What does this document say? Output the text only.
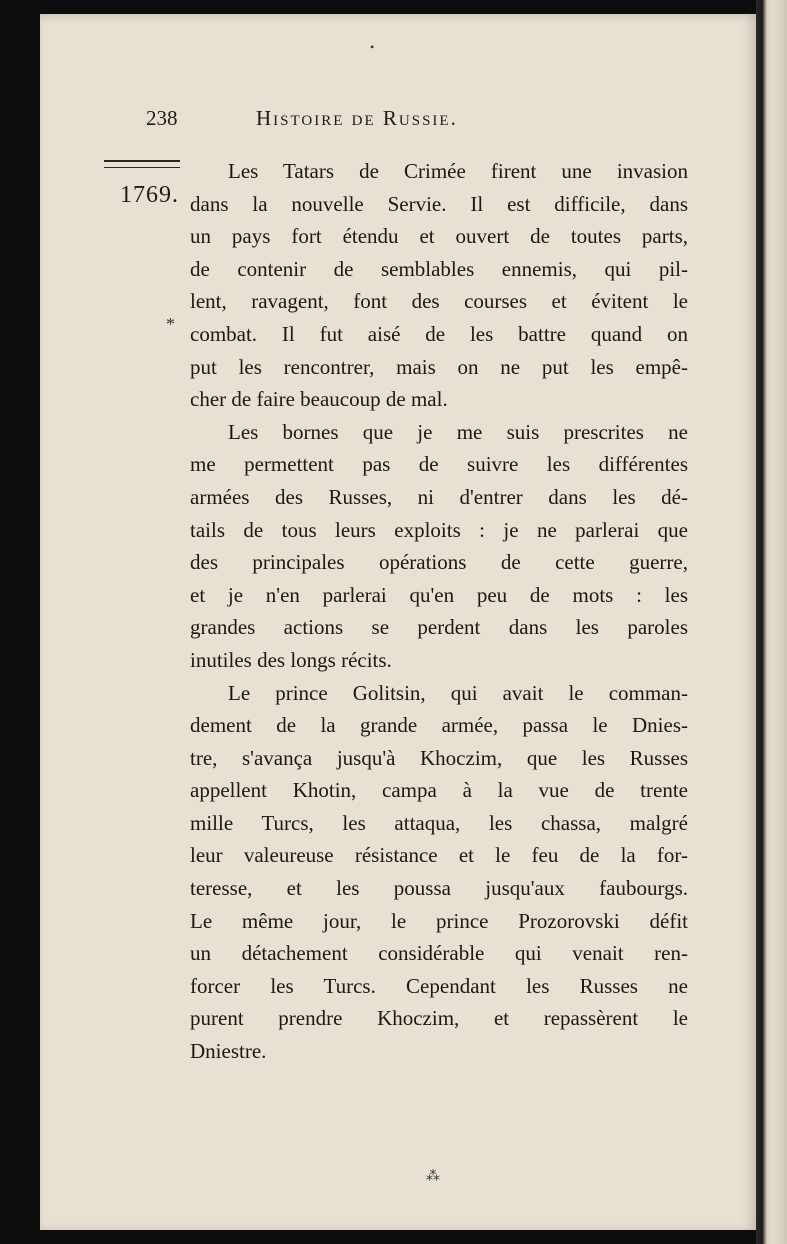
238	Histoire de Russie.
1769.
•
*
⁂
Les Tatars de Crimée firent une invasion
dans la nouvelle Servie. Il est difficile, dans
un pays fort étendu et ouvert de toutes parts,
de contenir de semblables ennemis, qui pil-
lent, ravagent, font des courses et évitent le
combat. Il fut aisé de les battre quand on
put les rencontrer, mais on ne put les empê-
cher de faire beaucoup de mal.
Les bornes que je me suis prescrites ne
me permettent pas de suivre les différentes
armées des Russes, ni d'entrer dans les dé-
tails de tous leurs exploits : je ne parlerai que
des principales opérations de cette guerre,
et je n'en parlerai qu'en peu de mots : les
grandes actions se perdent dans les paroles
inutiles des longs récits.
Le prince Golitsin, qui avait le comman-
dement de la grande armée, passa le Dnies-
tre, s'avança jusqu'à Khoczim, que les Russes
appellent Khotin, campa à la vue de trente
mille Turcs, les attaqua, les chassa, malgré
leur valeureuse résistance et le feu de la for-
teresse, et les poussa jusqu'aux faubourgs.
Le même jour, le prince Prozorovski défit
un détachement considérable qui venait ren-
forcer les Turcs. Cependant les Russes ne
purent prendre Khoczim, et repassèrent le
Dniestre.
